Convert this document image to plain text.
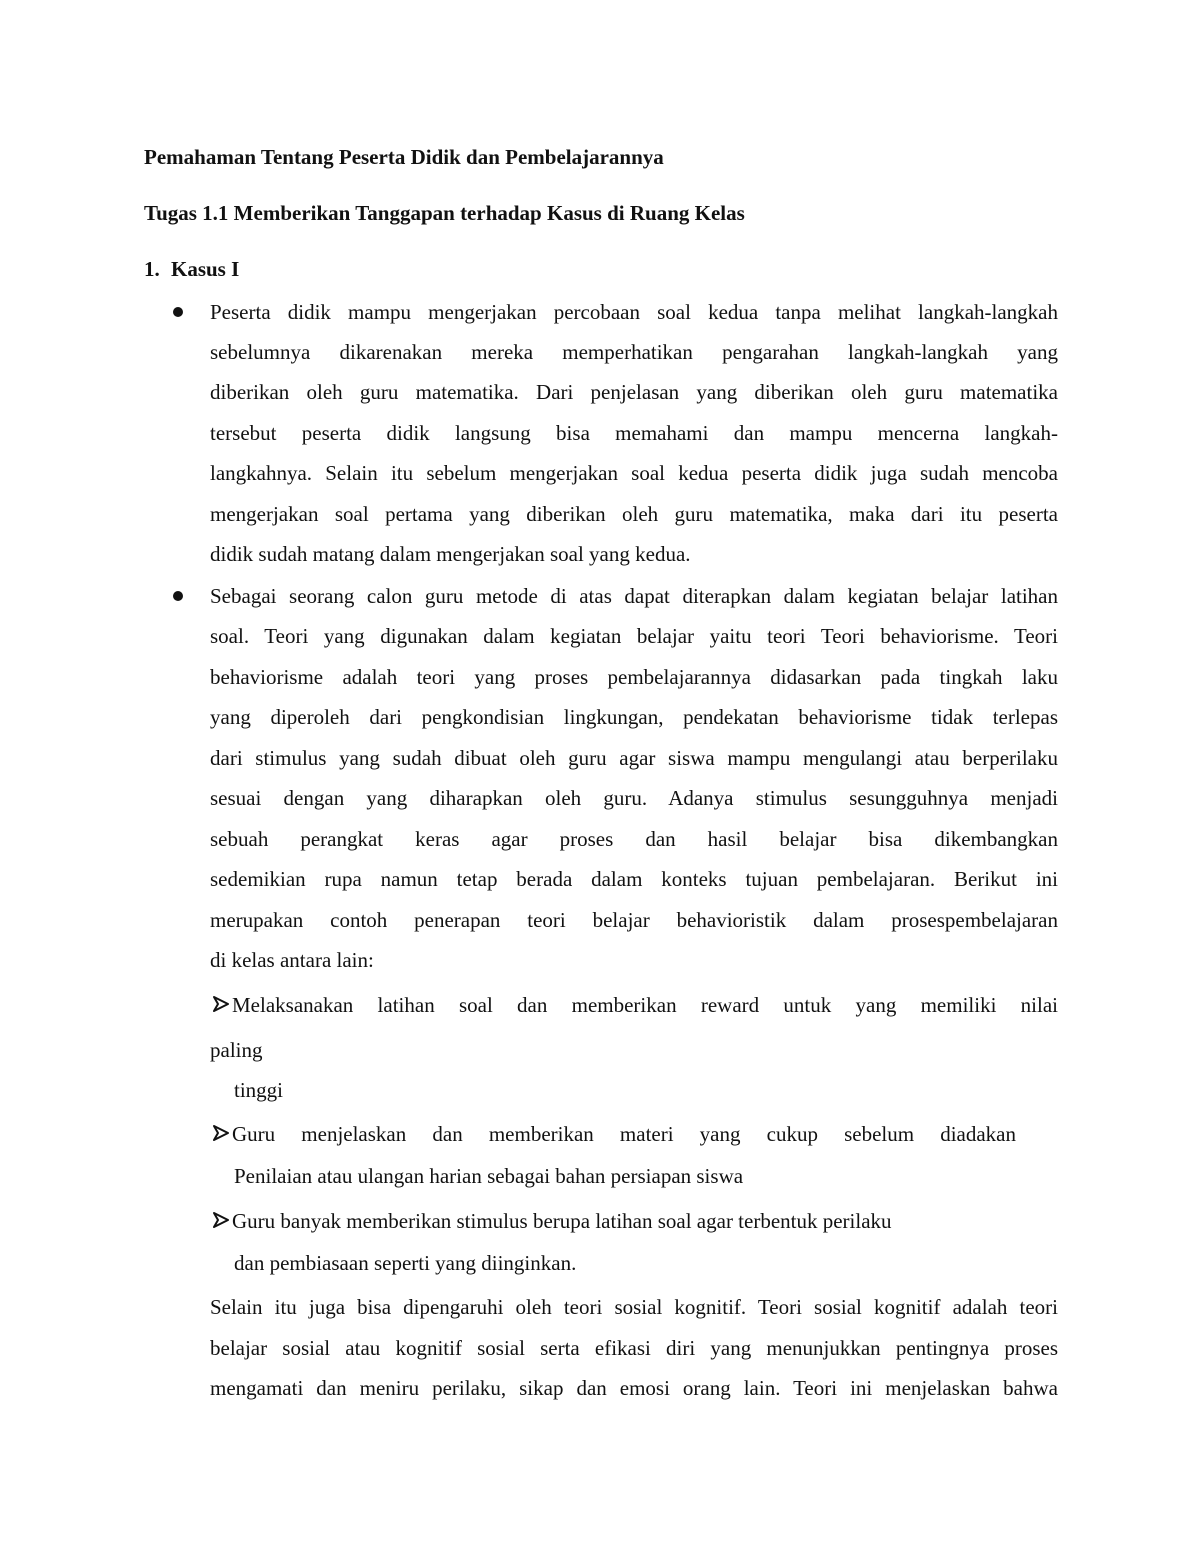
Pemahaman Tentang Peserta Didik dan Pembelajarannya
Tugas 1.1 Memberikan Tanggapan terhadap Kasus di Ruang Kelas
1. Kasus I
Peserta didik mampu mengerjakan percobaan soal kedua tanpa melihat langkah-langkah
sebelumnya dikarenakan mereka memperhatikan pengarahan langkah-langkah yang
diberikan oleh guru matematika. Dari penjelasan yang diberikan oleh guru matematika
tersebut peserta didik langsung bisa memahami dan mampu mencerna langkah-
langkahnya. Selain itu sebelum mengerjakan soal kedua peserta didik juga sudah mencoba
mengerjakan soal pertama yang diberikan oleh guru matematika, maka dari itu peserta
didik sudah matang dalam mengerjakan soal yang kedua.
Sebagai seorang calon guru metode di atas dapat diterapkan dalam kegiatan belajar latihan
soal. Teori yang digunakan dalam kegiatan belajar yaitu teori Teori behaviorisme. Teori
behaviorisme adalah teori yang proses pembelajarannya didasarkan pada tingkah laku
yang diperoleh dari pengkondisian lingkungan, pendekatan behaviorisme tidak terlepas
dari stimulus yang sudah dibuat oleh guru agar siswa mampu mengulangi atau berperilaku
sesuai dengan yang diharapkan oleh guru. Adanya stimulus sesungguhnya menjadi
sebuah perangkat keras agar proses dan hasil belajar bisa dikembangkan
sedemikian rupa namun tetap berada dalam konteks tujuan pembelajaran. Berikut ini
merupakan contoh penerapan teori belajar behavioristik dalam prosespembelajaran
di kelas antara lain:
Melaksanakan latihan soal dan memberikan reward untuk yang memiliki nilai
paling
tinggi
Guru menjelaskan dan memberikan materi yang cukup sebelum diadakan
Penilaian atau ulangan harian sebagai bahan persiapan siswa
Guru banyak memberikan stimulus berupa latihan soal agar terbentuk perilaku
dan pembiasaan seperti yang diinginkan.
Selain itu juga bisa dipengaruhi oleh teori sosial kognitif. Teori sosial kognitif adalah teori
belajar sosial atau kognitif sosial serta efikasi diri yang menunjukkan pentingnya proses
mengamati dan meniru perilaku, sikap dan emosi orang lain. Teori ini menjelaskan bahwa
